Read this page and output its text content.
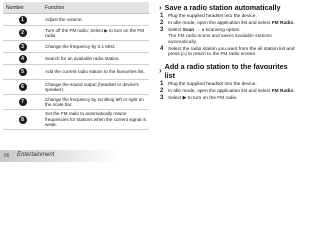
Number	Function
1	Adjust the volume.
2	Turn off the FM radio; Select ▶ to turn on the FM radio.
3	Change the frequency by 0.1 MHz.
4	Search for an available radio station.
5	Add the current radio station to the favourites list.
6	Change the sound output (headset or device's speaker).
7	Change the frequency by scrolling left or right on the scale bar.
8	Set the FM radio to automatically retune frequencies for stations when the current signal is weak.
66 Entertainment
› Save a radio station automatically
1 Plug the supplied headset into the device.

2 In Idle mode, open the application list and select FM Radio.

3 Select Scan → a scanning option.

The FM radio scans and saves available stations automatically.

4 Select the radio station you want from the all station list and press [⌂] to return to the FM radio screen.

› Add a radio station to the favourites list
1 Plug the supplied headset into the device.

2 In Idle mode, open the application list and select FM Radio.

3 Select ▶ to turn on the FM radio.
